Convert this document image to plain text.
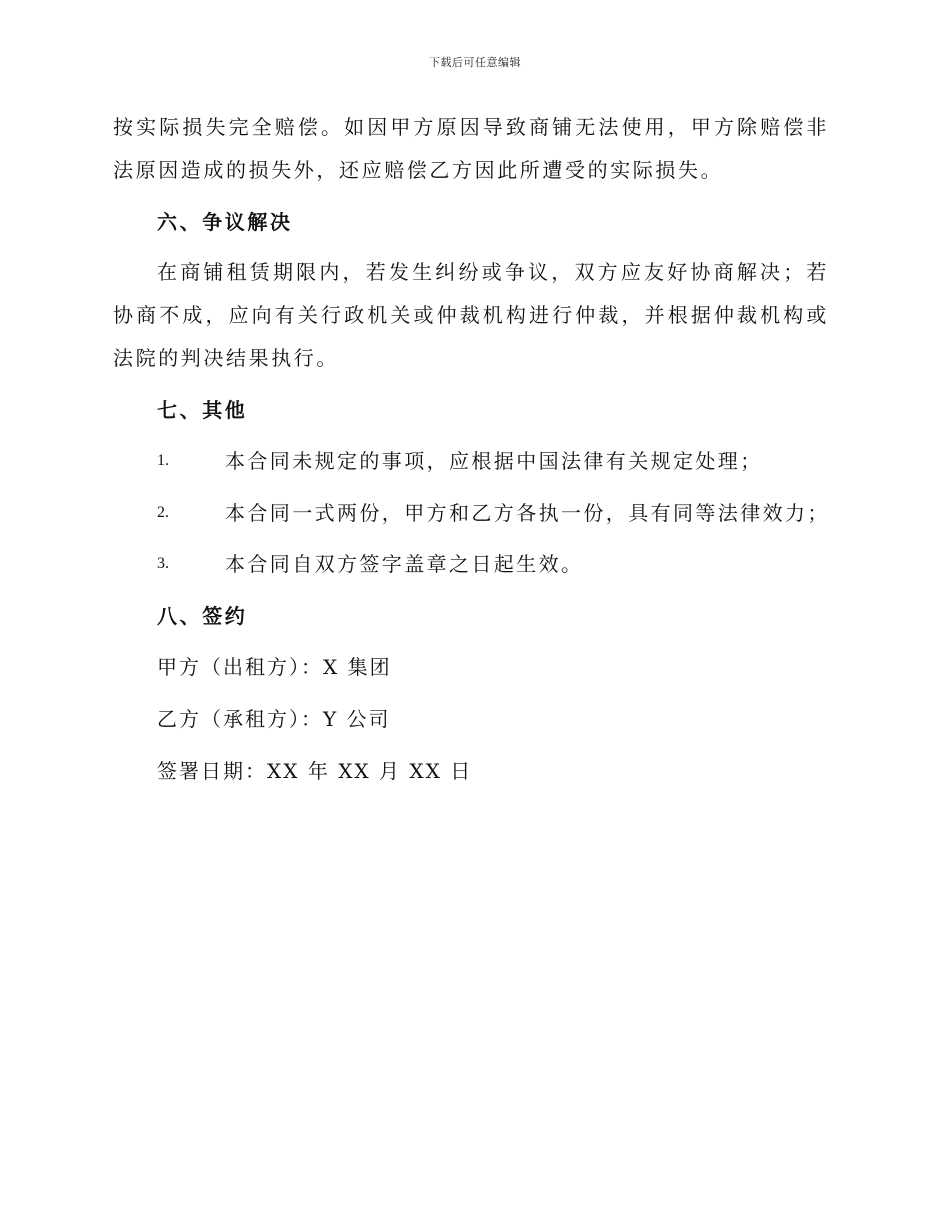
下载后可任意编辑

按实际损失完全赔偿。如因甲方原因导致商铺无法使用，甲方除赔偿非法原因造成的损失外，还应赔偿乙方因此所遭受的实际损失。

六、争议解决

在商铺租赁期限内，若发生纠纷或争议，双方应友好协商解决；若协商不成，应向有关行政机关或仲裁机构进行仲裁，并根据仲裁机构或法院的判决结果执行。

七、其他
1.	本合同未规定的事项，应根据中国法律有关规定处理；
2.	本合同一式两份，甲方和乙方各执一份，具有同等法律效力；
3.	本合同自双方签字盖章之日起生效。
八、签约
甲方（出租方）：X 集团
乙方（承租方）：Y 公司
签署日期：XX 年 XX 月 XX 日
